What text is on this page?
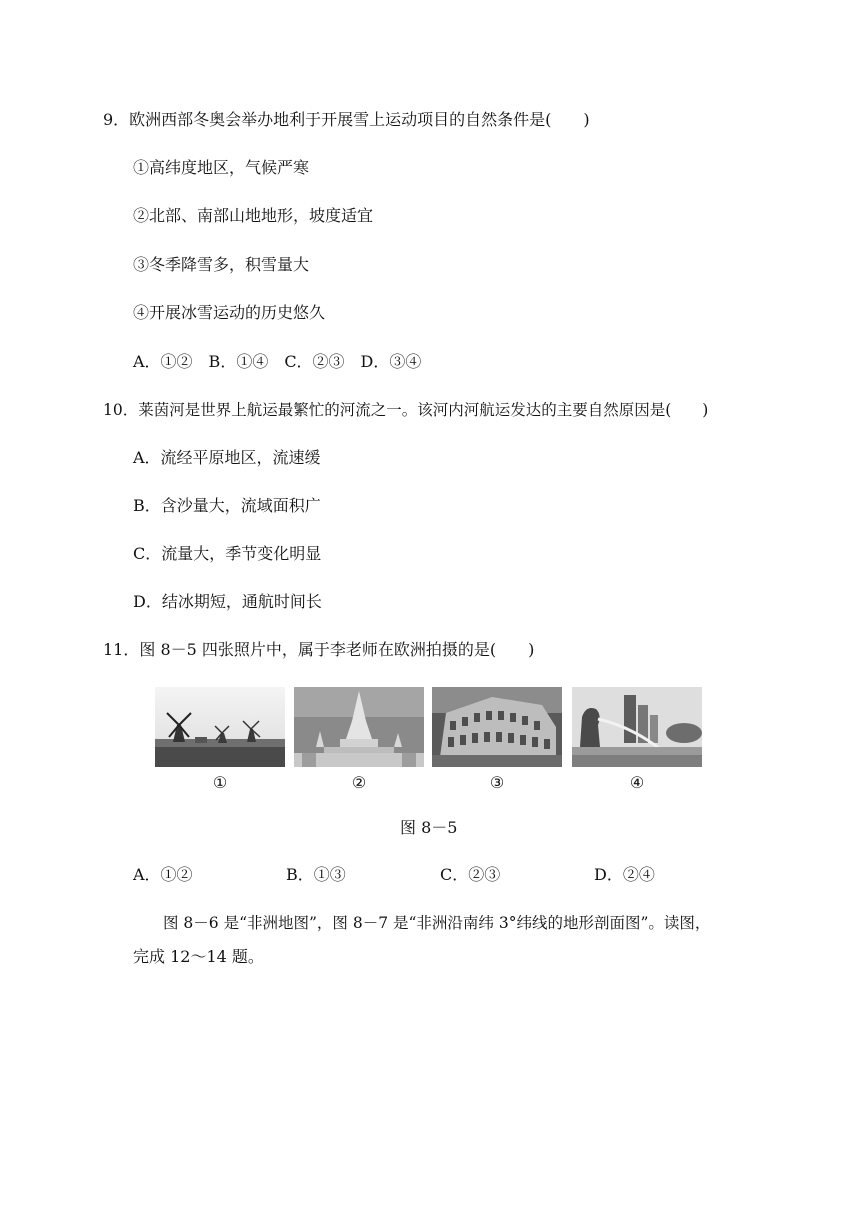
9．欧洲西部冬奥会举办地利于开展雪上运动项目的自然条件是(　　)
①高纬度地区，气候严寒
②北部、南部山地地形，坡度适宜
③冬季降雪多，积雪量大
④开展冰雪运动的历史悠久
A．①②　B．①④　C．②③　D．③④
10．莱茵河是世界上航运最繁忙的河流之一。该河内河航运发达的主要自然原因是(　　)
A．流经平原地区，流速缓
B．含沙量大，流域面积广
C．流量大，季节变化明显
D．结冰期短，通航时间长
11．图 8－5 四张照片中，属于李老师在欧洲拍摄的是(　　)
①	②	③	④
图 8－5
A．①②	B．①③	C．②③	D．②④
图 8－6 是“非洲地图”，图 8－7 是“非洲沿南纬 3°纬线的地形剖面图”。读图，
完成 12～14 题。
